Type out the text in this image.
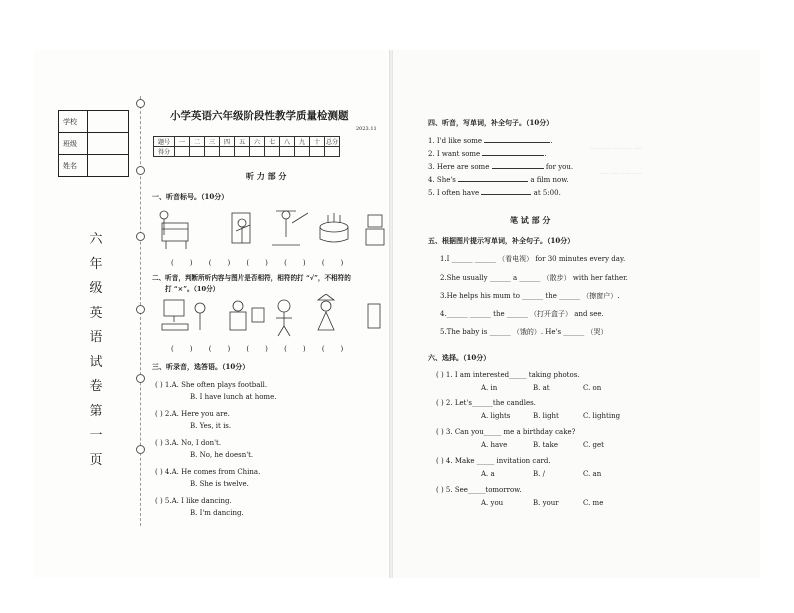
学校	
班级	
姓名	
六
年
级
英
语
试
卷
第
一
页
小学英语六年级阶段性教学质量检测题
2023.11
题号	一	二	三	四	五	六	七	八	九	十	总分
得分											
听 力 部 分
一、听音标号。（10分）
( ) ( ) ( ) ( ) ( )
二、听音，判断所听内容与图片是否相符，相符的打 “√”，不相符的
打 “×”。（10分）
( ) ( ) ( ) ( ) ( )
三、听录音，选答语。（10分）
( ) 1.A. She often plays football.
B. I have lunch at home.
( ) 2.A. Here you are.
B. Yes, it is.
( ) 3.A. No, I don't.
B. No, he doesn't.
( ) 4.A. He comes from China.
B. She is twelve.
( ) 5.A. I like dancing.
B. I'm dancing.
四、听音，写单词，补全句子。（10分）
___ ___ ___ ___ ___
___ ___ ___ ___
1. I'd like some	.
2. I want some	.
3. Here are some	for you.
4. She's	a film now.
5. I often have	at 5:00.
笔 试 部 分
五、根据图片提示写单词，补全句子。（10分）
1.I ______ ______ （看电视） for 30 minutes every day.
2.She usually ______ a ______ （散步） with her father.
3.He helps his mum to ______ the ______ （擦窗户）.
4.______ ______ the ______ （打开盒子） and see.
5.The baby is ______ （饿的）. He's ______ （哭）
六、选择。（10分）
( ) 1. I am interested_____ taking photos.
A. in	B. at	C. on
( ) 2. Let's______the candles.
A. lights	B. light	C. lighting
( ) 3. Can you_____ me a birthday cake?
A. have	B. take	C. get
( ) 4. Make _____ invitation card.
A. a	B. /	C. an
( ) 5. See_____tomorrow.
A. you	B. your	C. me
